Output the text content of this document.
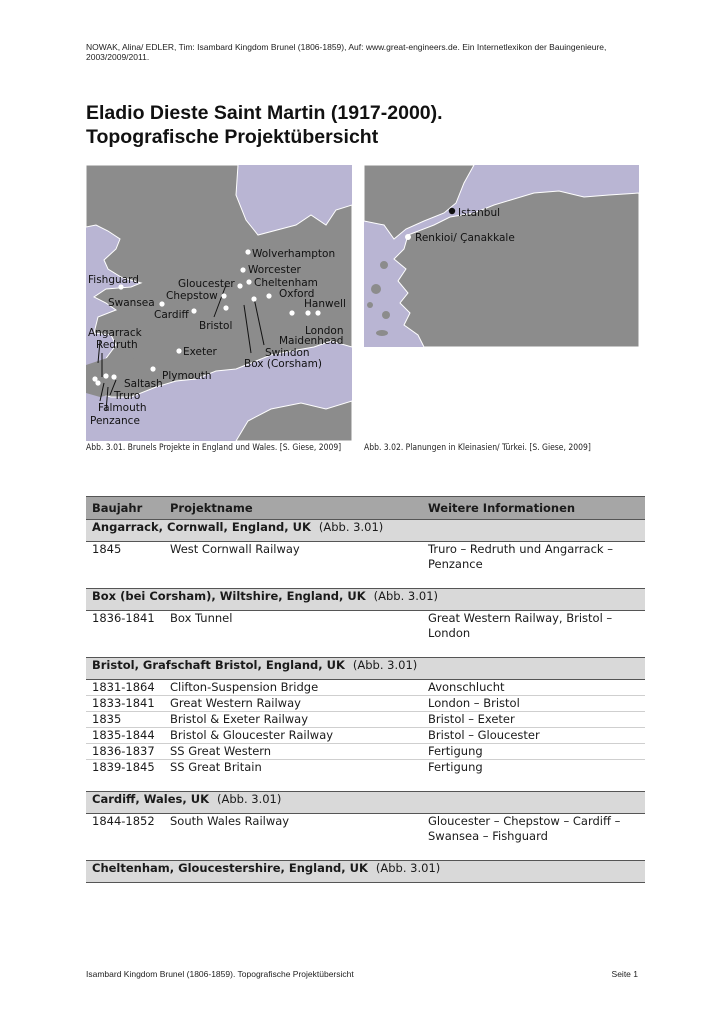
NOWAK, Alina/ EDLER, Tim: Isambard Kingdom Brunel (1806-1859), Auf: www.great-engineers.de. Ein Internetlexikon der Bauingenieure, 2003/2009/2011.
Eladio Dieste Saint Martin (1917-2000).
Topografische Projektübersicht
Wolverhampton
Worcester
Cheltenham
Gloucester
Oxford
Fishguard
Chepstow
Hanwell
Swansea
Cardiff
London
Bristol
Maidenhead
Angarrack
Redruth
Exeter	Swindon
Box (Corsham)
Plymouth
Saltash
Truro
Falmouth
Penzance
Istanbul
Renkioi/ Çanakkale
Abb. 3.01. Brunels Projekte in England und Wales. [S. Giese, 2009]	Abb. 3.02. Planungen in Kleinasien/ Türkei. [S. Giese, 2009]
Baujahr	Projektname	Weitere Informationen
Angarrack, Cornwall, England, UK (Abb. 3.01)		
1845	West Cornwall Railway	Truro – Redruth und Angarrack – Penzance

Box (bei Corsham), Wiltshire, England, UK (Abb. 3.01)		
1836-1841	Box Tunnel	Great Western Railway, Bristol – London

Bristol, Grafschaft Bristol, England, UK (Abb. 3.01)		
1831-1864	Clifton-Suspension Bridge	Avonschlucht
1833-1841	Great Western Railway	London – Bristol
1835	Bristol & Exeter Railway	Bristol – Exeter
1835-1844	Bristol & Gloucester Railway	Bristol – Gloucester
1836-1837	SS Great Western	Fertigung
1839-1845	SS Great Britain	Fertigung

Cardiff, Wales, UK (Abb. 3.01)		
1844-1852	South Wales Railway	Gloucester – Chepstow – Cardiff – Swansea – Fishguard

Cheltenham, Gloucestershire, England, UK (Abb. 3.01)		
Isambard Kingdom Brunel (1806-1859). Topografische Projektübersicht	Seite 1
